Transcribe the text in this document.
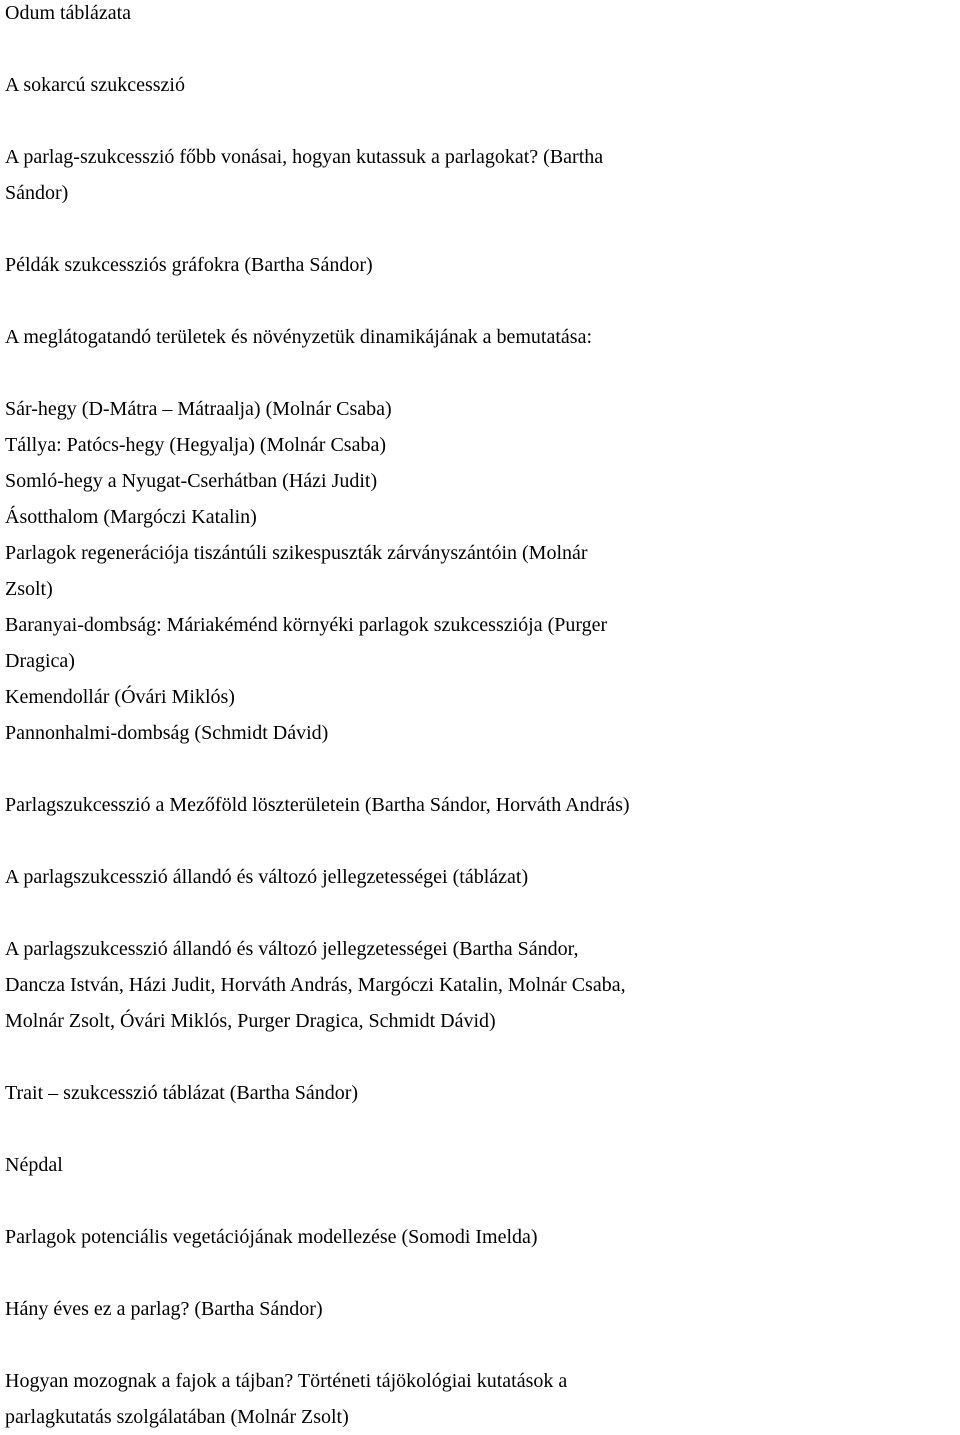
Odum táblázata

A sokarcú szukcesszió

A parlag-szukcesszió főbb vonásai, hogyan kutassuk a parlagokat? (Bartha
Sándor)

Példák szukcessziós gráfokra (Bartha Sándor)

A meglátogatandó területek és növényzetük dinamikájának a bemutatása:

Sár-hegy (D-Mátra – Mátraalja) (Molnár Csaba)
Tállya: Patócs-hegy (Hegyalja) (Molnár Csaba)
Somló-hegy a Nyugat-Cserhátban (Házi Judit)
Ásotthalom (Margóczi Katalin)
Parlagok regenerációja tiszántúli szikespuszták zárványszántóin (Molnár
Zsolt)
Baranyai-dombság: Máriakéménd környéki parlagok szukcessziója (Purger
Dragica)
Kemendollár (Óvári Miklós)
Pannonhalmi-dombság (Schmidt Dávid)

Parlagszukcesszió a Mezőföld löszterületein (Bartha Sándor, Horváth András)

A parlagszukcesszió állandó és változó jellegzetességei (táblázat)

A parlagszukcesszió állandó és változó jellegzetességei (Bartha Sándor,
Dancza István, Házi Judit, Horváth András, Margóczi Katalin, Molnár Csaba,
Molnár Zsolt, Óvári Miklós, Purger Dragica, Schmidt Dávid)

Trait – szukcesszió táblázat (Bartha Sándor)

Népdal

Parlagok potenciális vegetációjának modellezése (Somodi Imelda)

Hány éves ez a parlag? (Bartha Sándor)

Hogyan mozognak a fajok a tájban? Történeti tájökológiai kutatások a
parlagkutatás szolgálatában (Molnár Zsolt)
